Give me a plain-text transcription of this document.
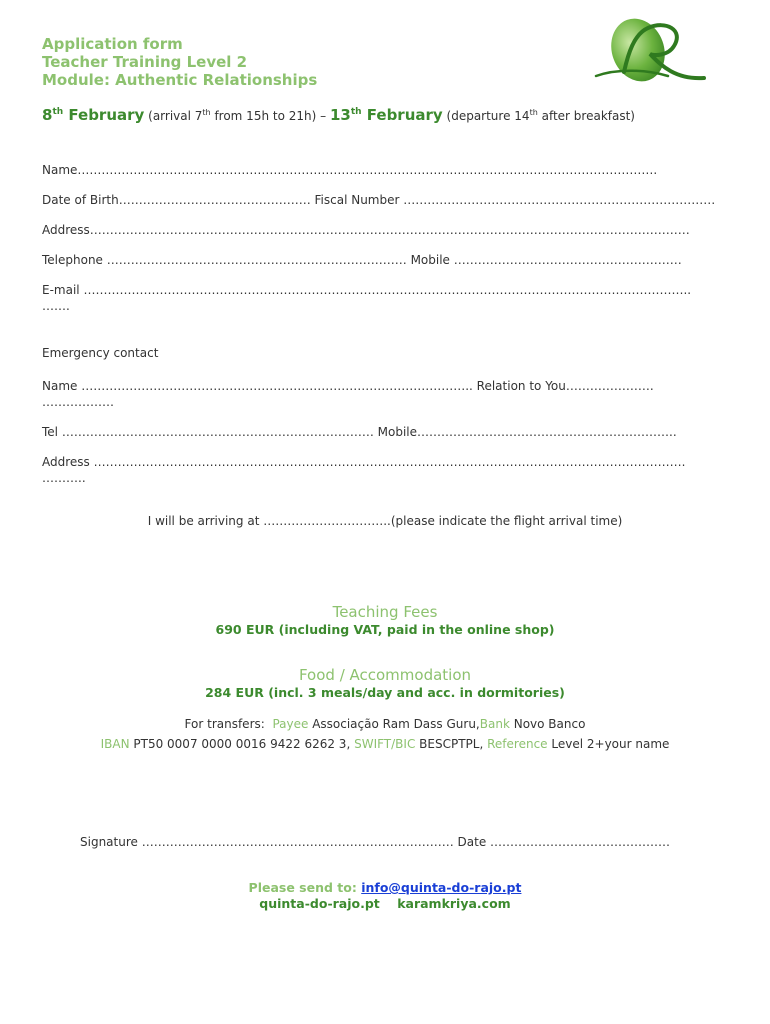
Application form
Teacher Training Level 2
Module: Authentic Relationships
8th February (arrival 7th from 15h to 21h) – 13th February (departure 14th after breakfast)
Name……………………………………………………………………………………………………………………………….
Date of Birth………………………………………… Fiscal Number ……………………………………………………………………
Address……………………………………………………………………………………………………………………………………
Telephone ………………………………………………………………… Mobile …………………………………………………
E-mail ……………………………………………………………………………………………………………………………………..
…….
Emergency contact
Name …………………………………………………………………………………….. Relation to You………………….
………………
Tel …………………………………………………………………… Mobile………………………………………………………..
Address ………………………………………………………………………………………………………………………………….
………..
I will be arriving at …………………………..(please indicate the flight arrival time)
Teaching Fees
690 EUR (including VAT, paid in the online shop)
Food / Accommodation
284 EUR (incl. 3 meals/day and acc. in dormitories)
For transfers: Payee Associação Ram Dass Guru,Bank Novo Banco
IBAN PT50 0007 0000 0016 9422 6262 3, SWIFT/BIC BESCPTPL, Reference Level 2+your name
Signature …………………………………………………………………… Date ………………………………………
Please send to: info@quinta-do-rajo.pt
quinta-do-rajo.pt karamkriya.com
